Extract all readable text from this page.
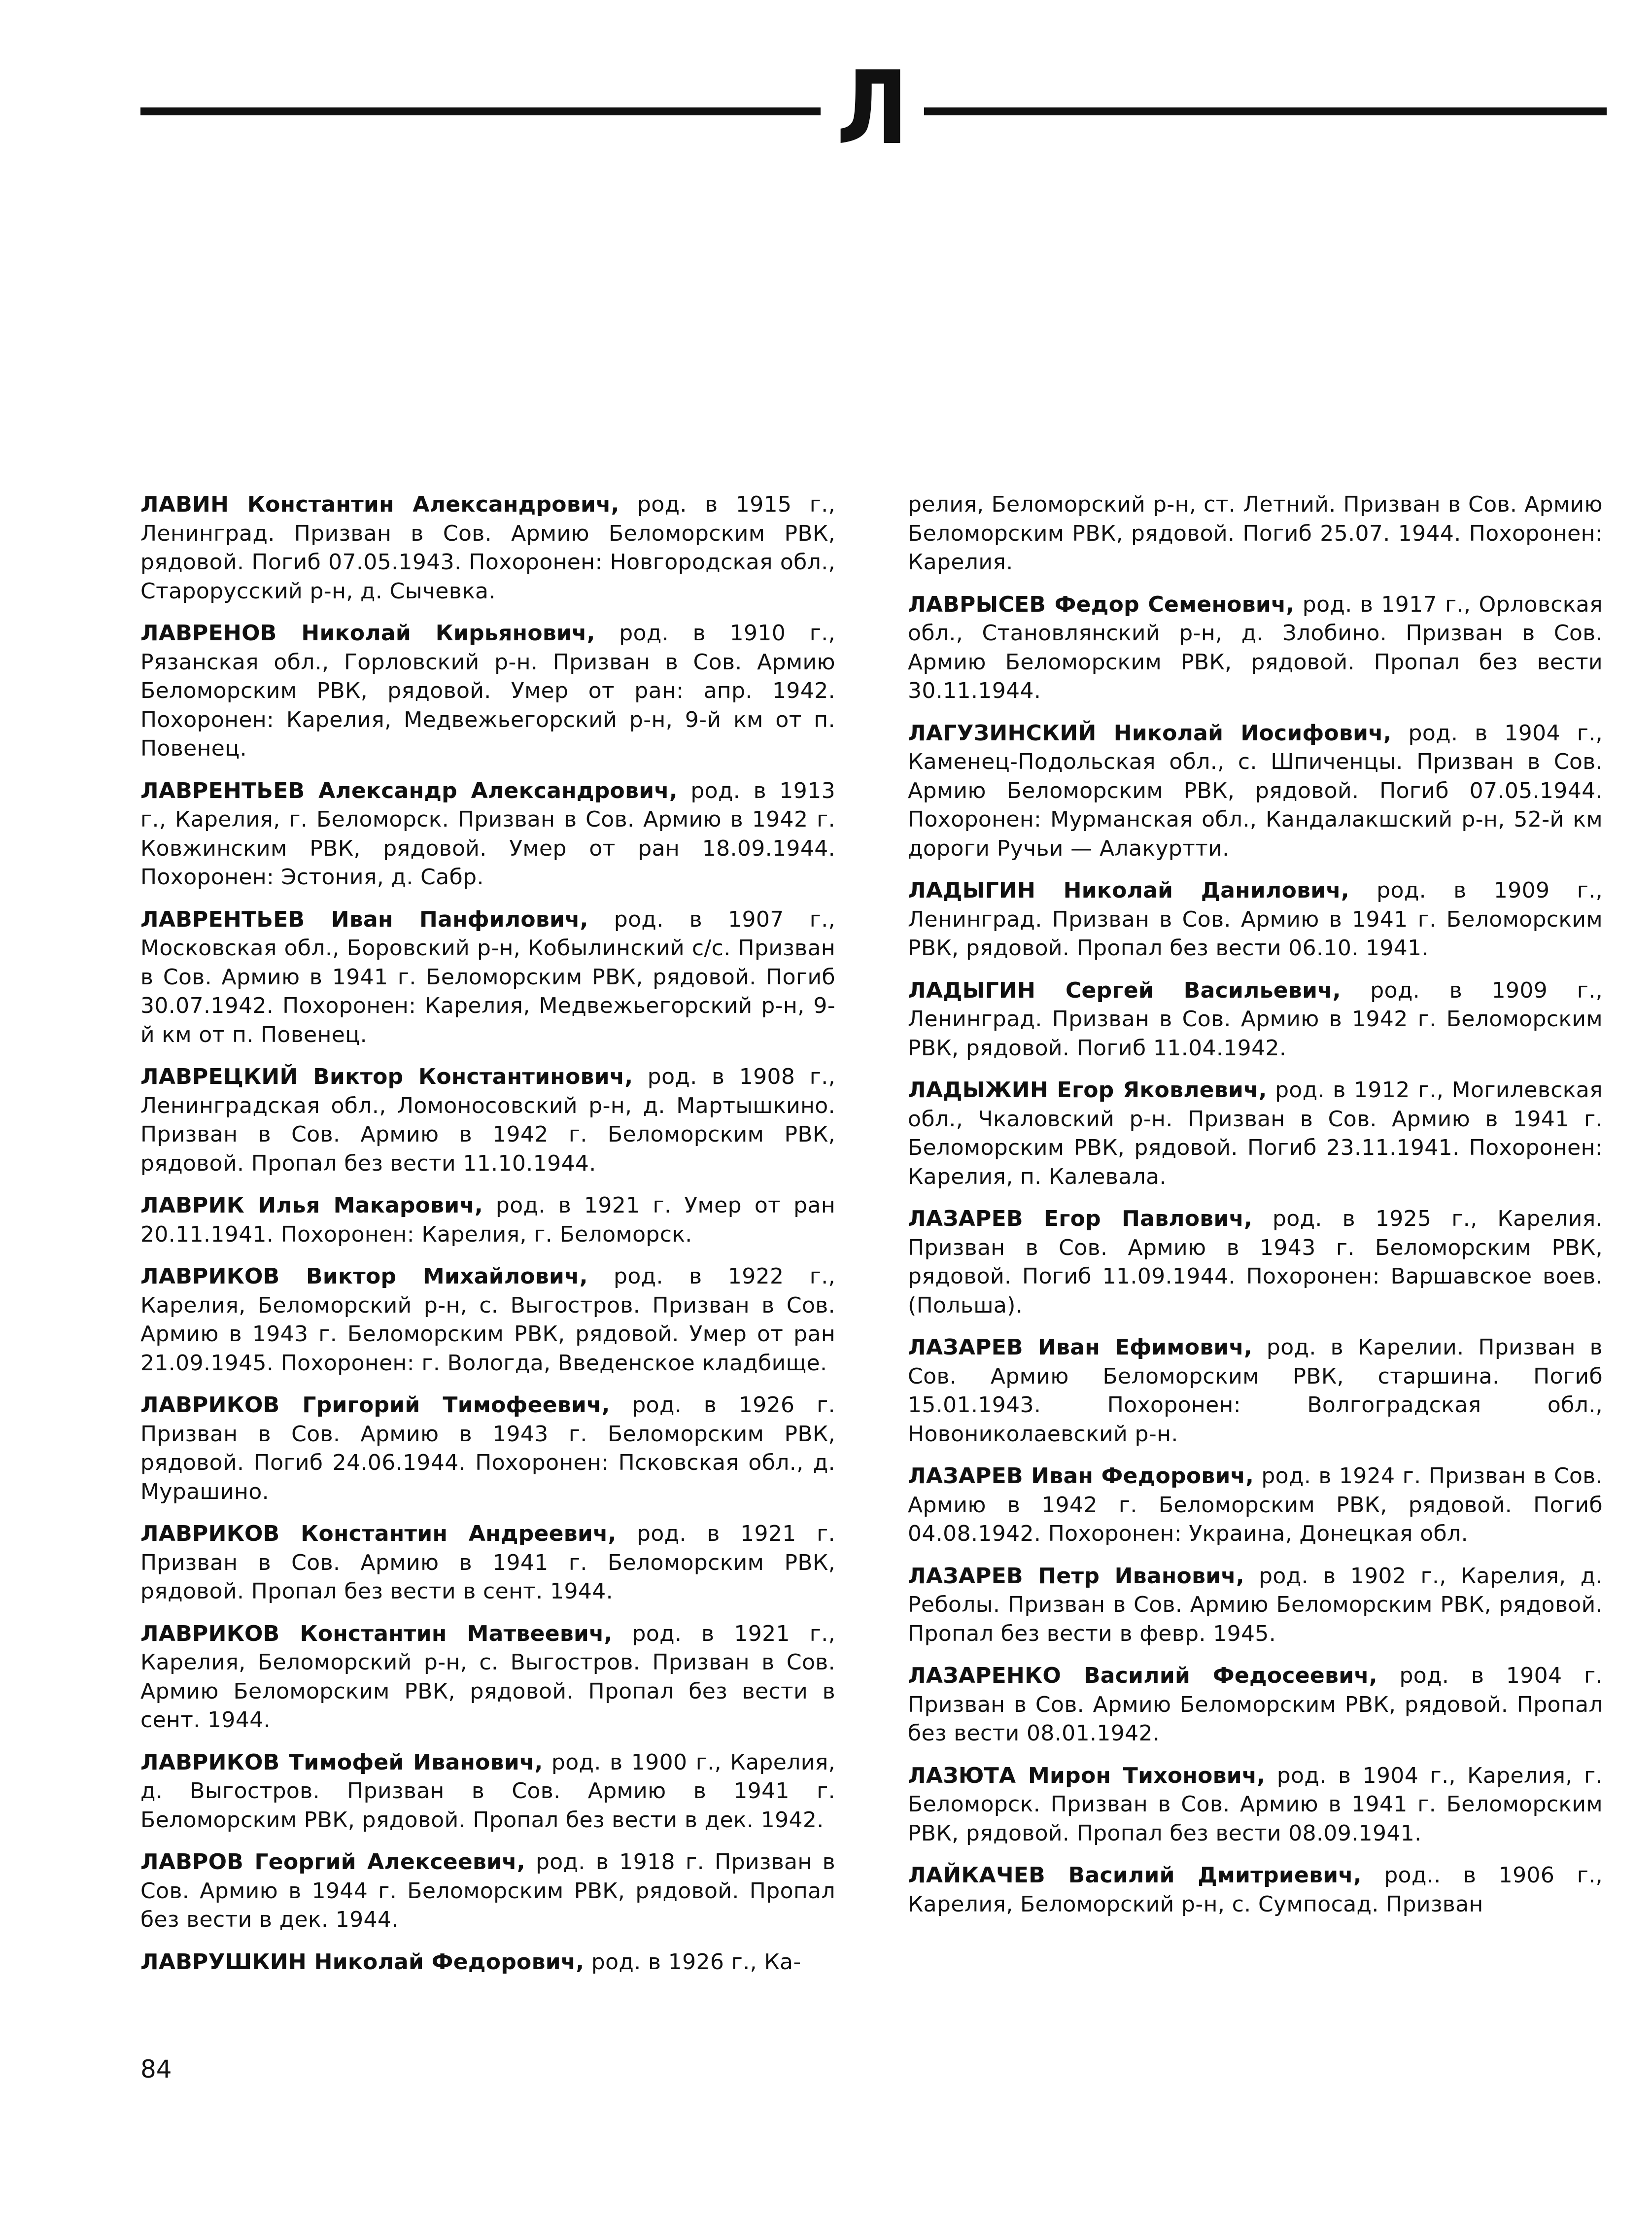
Л

ЛАВИН Константин Александрович, род. в 1915 г., Ленинград. Призван в Сов. Армию Беломорским РВК, рядовой. Погиб 07.05.1943. Похоронен: Новгородская обл., Старорусский р-н, д. Сычевка.

ЛАВРЕНОВ Николай Кирьянович, род. в 1910 г., Рязанская обл., Горловский р-н. Призван в Сов. Армию Беломорским РВК, рядовой. Умер от ран: апр. 1942. Похоронен: Карелия, Медвежьегорский р-н, 9-й км от п. Повенец.

ЛАВРЕНТЬЕВ Александр Александрович, род. в 1913 г., Карелия, г. Беломорск. Призван в Сов. Армию в 1942 г. Ковжинским РВК, рядовой. Умер от ран 18.09.1944. Похоронен: Эстония, д. Сабр.

ЛАВРЕНТЬЕВ Иван Панфилович, род. в 1907 г., Московская обл., Боровский р-н, Кобылинский с/с. Призван в Сов. Армию в 1941 г. Беломорским РВК, рядовой. Погиб 30.07.1942. Похоронен: Карелия, Медвежьегорский р-н, 9-й км от п. Повенец.

ЛАВРЕЦКИЙ Виктор Константинович, род. в 1908 г., Ленинградская обл., Ломоносовский р-н, д. Мартышкино. Призван в Сов. Армию в 1942 г. Беломорским РВК, рядовой. Пропал без вести 11.10.1944.

ЛАВРИК Илья Макарович, род. в 1921 г. Умер от ран 20.11.1941. Похоронен: Карелия, г. Беломорск.

ЛАВРИКОВ Виктор Михайлович, род. в 1922 г., Карелия, Беломорский р-н, с. Выгостров. Призван в Сов. Армию в 1943 г. Беломорским РВК, рядовой. Умер от ран 21.09.1945. Похоронен: г. Вологда, Введенское кладбище.

ЛАВРИКОВ Григорий Тимофеевич, род. в 1926 г. Призван в Сов. Армию в 1943 г. Беломорским РВК, рядовой. Погиб 24.06.1944. Похоронен: Псковская обл., д. Мурашино.

ЛАВРИКОВ Константин Андреевич, род. в 1921 г. Призван в Сов. Армию в 1941 г. Беломорским РВК, рядовой. Пропал без вести в сент. 1944.

ЛАВРИКОВ Константин Матвеевич, род. в 1921 г., Карелия, Беломорский р-н, с. Выгостров. Призван в Сов. Армию Беломорским РВК, рядовой. Пропал без вести в сент. 1944.

ЛАВРИКОВ Тимофей Иванович, род. в 1900 г., Карелия, д. Выгостров. Призван в Сов. Армию в 1941 г. Беломорским РВК, рядовой. Пропал без вести в дек. 1942.

ЛАВРОВ Георгий Алексеевич, род. в 1918 г. Призван в Сов. Армию в 1944 г. Беломорским РВК, рядовой. Пропал без вести в дек. 1944.

ЛАВРУШКИН Николай Федорович, род. в 1926 г., Ка-

релия, Беломорский р-н, ст. Летний. Призван в Сов. Армию Беломорским РВК, рядовой. Погиб 25.07. 1944. Похоронен: Карелия.

ЛАВРЫСЕВ Федор Семенович, род. в 1917 г., Орловская обл., Становлянский р-н, д. Злобино. Призван в Сов. Армию Беломорским РВК, рядовой. Пропал без вести 30.11.1944.

ЛАГУЗИНСКИЙ Николай Иосифович, род. в 1904 г., Каменец-Подольская обл., с. Шпиченцы. Призван в Сов. Армию Беломорским РВК, рядовой. Погиб 07.05.1944. Похоронен: Мурманская обл., Кандалакшский р-н, 52-й км дороги Ручьи — Алакуртти.

ЛАДЫГИН Николай Данилович, род. в 1909 г., Ленинград. Призван в Сов. Армию в 1941 г. Беломорским РВК, рядовой. Пропал без вести 06.10. 1941.

ЛАДЫГИН Сергей Васильевич, род. в 1909 г., Ленинград. Призван в Сов. Армию в 1942 г. Беломорским РВК, рядовой. Погиб 11.04.1942.

ЛАДЫЖИН Егор Яковлевич, род. в 1912 г., Могилевская обл., Чкаловский р-н. Призван в Сов. Армию в 1941 г. Беломорским РВК, рядовой. Погиб 23.11.1941. Похоронен: Карелия, п. Калевала.

ЛАЗАРЕВ Егор Павлович, род. в 1925 г., Карелия. Призван в Сов. Армию в 1943 г. Беломорским РВК, рядовой. Погиб 11.09.1944. Похоронен: Варшавское воев. (Польша).

ЛАЗАРЕВ Иван Ефимович, род. в Карелии. Призван в Сов. Армию Беломорским РВК, старшина. Погиб 15.01.1943. Похоронен: Волгоградская обл., Новониколаевский р-н.

ЛАЗАРЕВ Иван Федорович, род. в 1924 г. Призван в Сов. Армию в 1942 г. Беломорским РВК, рядовой. Погиб 04.08.1942. Похоронен: Украина, Донецкая обл.

ЛАЗАРЕВ Петр Иванович, род. в 1902 г., Карелия, д. Реболы. Призван в Сов. Армию Беломорским РВК, рядовой. Пропал без вести в февр. 1945.

ЛАЗАРЕНКО Василий Федосеевич, род. в 1904 г. Призван в Сов. Армию Беломорским РВК, рядовой. Пропал без вести 08.01.1942.

ЛАЗЮТА Мирон Тихонович, род. в 1904 г., Карелия, г. Беломорск. Призван в Сов. Армию в 1941 г. Беломорским РВК, рядовой. Пропал без вести 08.09.1941.

ЛАЙКАЧЕВ Василий Дмитриевич, род.. в 1906 г., Карелия, Беломорский р-н, с. Сумпосад. Призван

84
